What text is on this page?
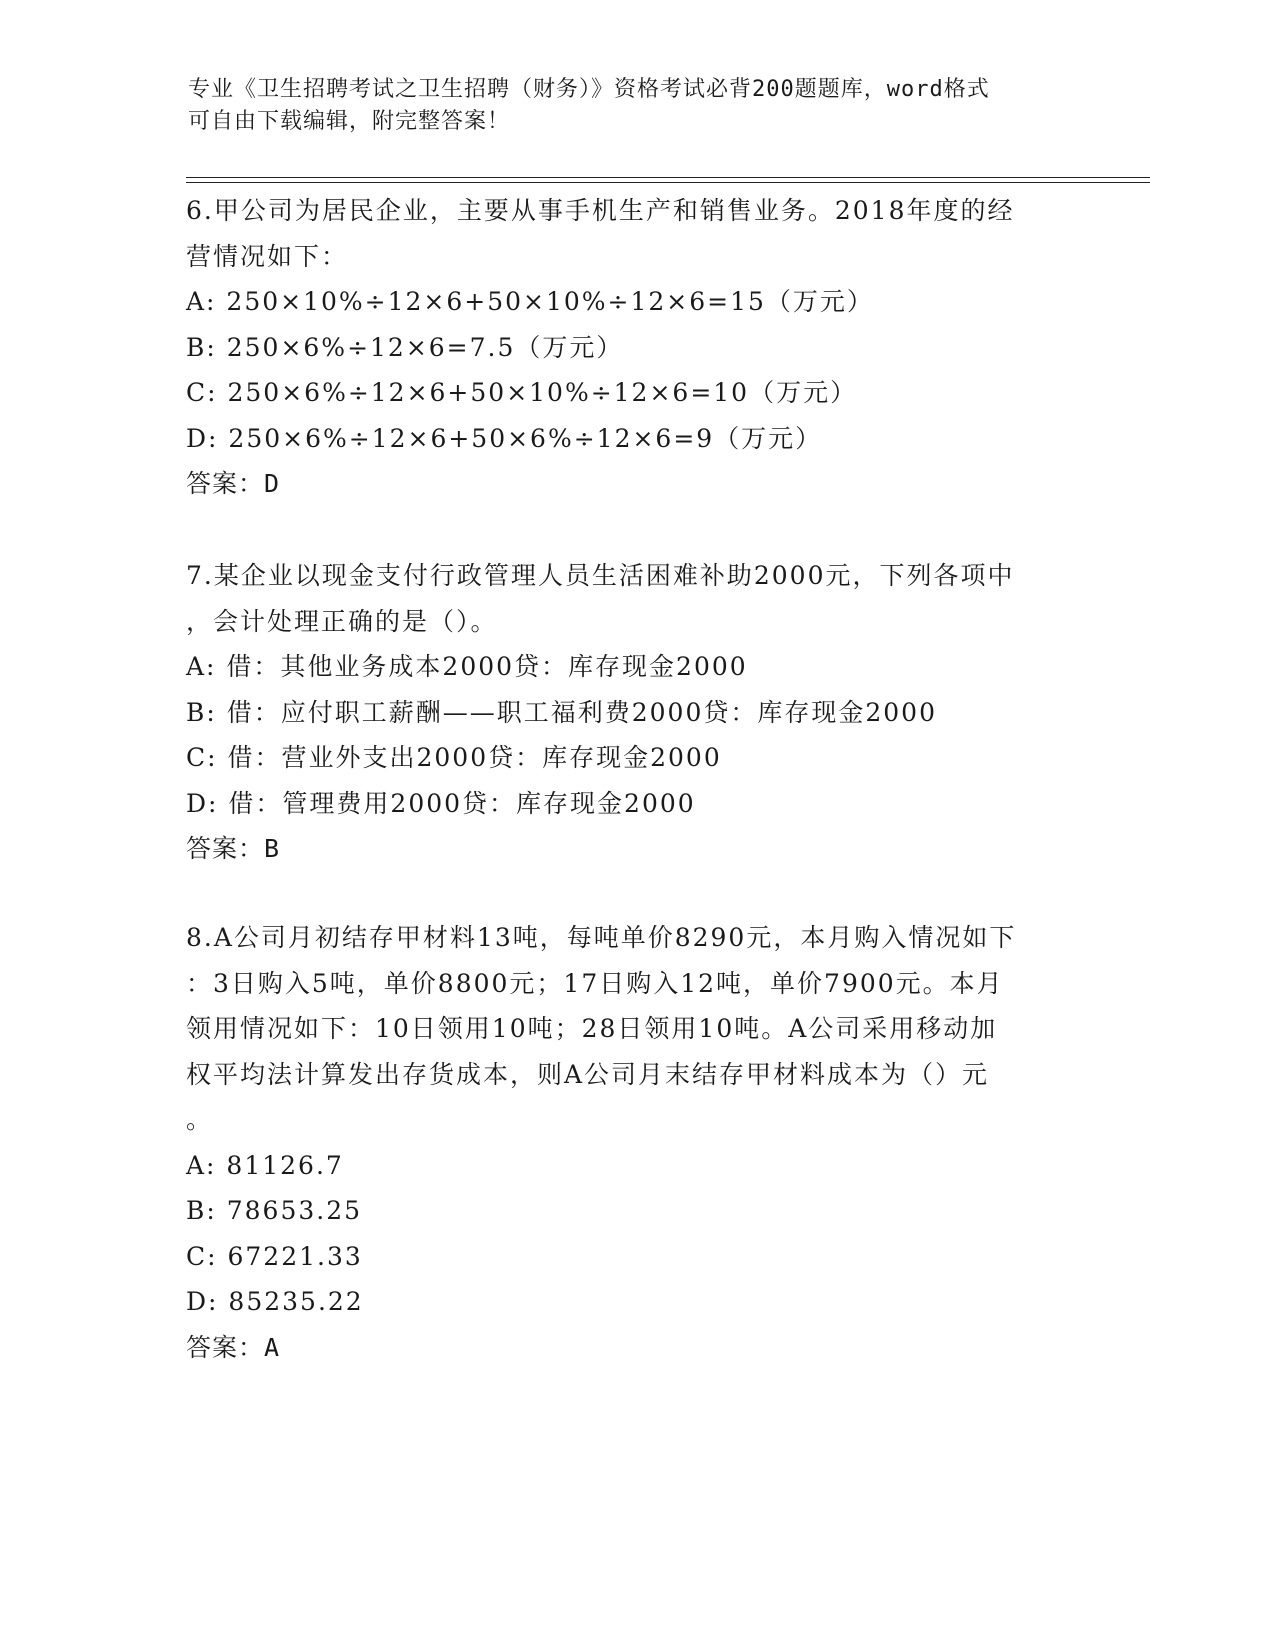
专业《卫生招聘考试之卫生招聘（财务）》资格考试必背200题题库，word格式

可自由下载编辑，附完整答案！

6.甲公司为居民企业，主要从事手机生产和销售业务。2018年度的经

营情况如下：

A: 250×10%÷12×6+50×10%÷12×6=15（万元）

B: 250×6%÷12×6=7.5（万元）

C: 250×6%÷12×6+50×10%÷12×6=10（万元）

D: 250×6%÷12×6+50×6%÷12×6=9（万元）

答案：D

7.某企业以现金支付行政管理人员生活困难补助2000元，下列各项中

，会计处理正确的是（）。

A: 借：其他业务成本2000贷：库存现金2000

B: 借：应付职工薪酬——职工福利费2000贷：库存现金2000

C: 借：营业外支出2000贷：库存现金2000

D: 借：管理费用2000贷：库存现金2000

答案：B

8.A公司月初结存甲材料13吨，每吨单价8290元，本月购入情况如下

：3日购入5吨，单价8800元；17日购入12吨，单价7900元。本月

领用情况如下：10日领用10吨；28日领用10吨。A公司采用移动加

权平均法计算发出存货成本，则A公司月末结存甲材料成本为（）元

。

A: 81126.7

B: 78653.25

C: 67221.33

D: 85235.22

答案：A
